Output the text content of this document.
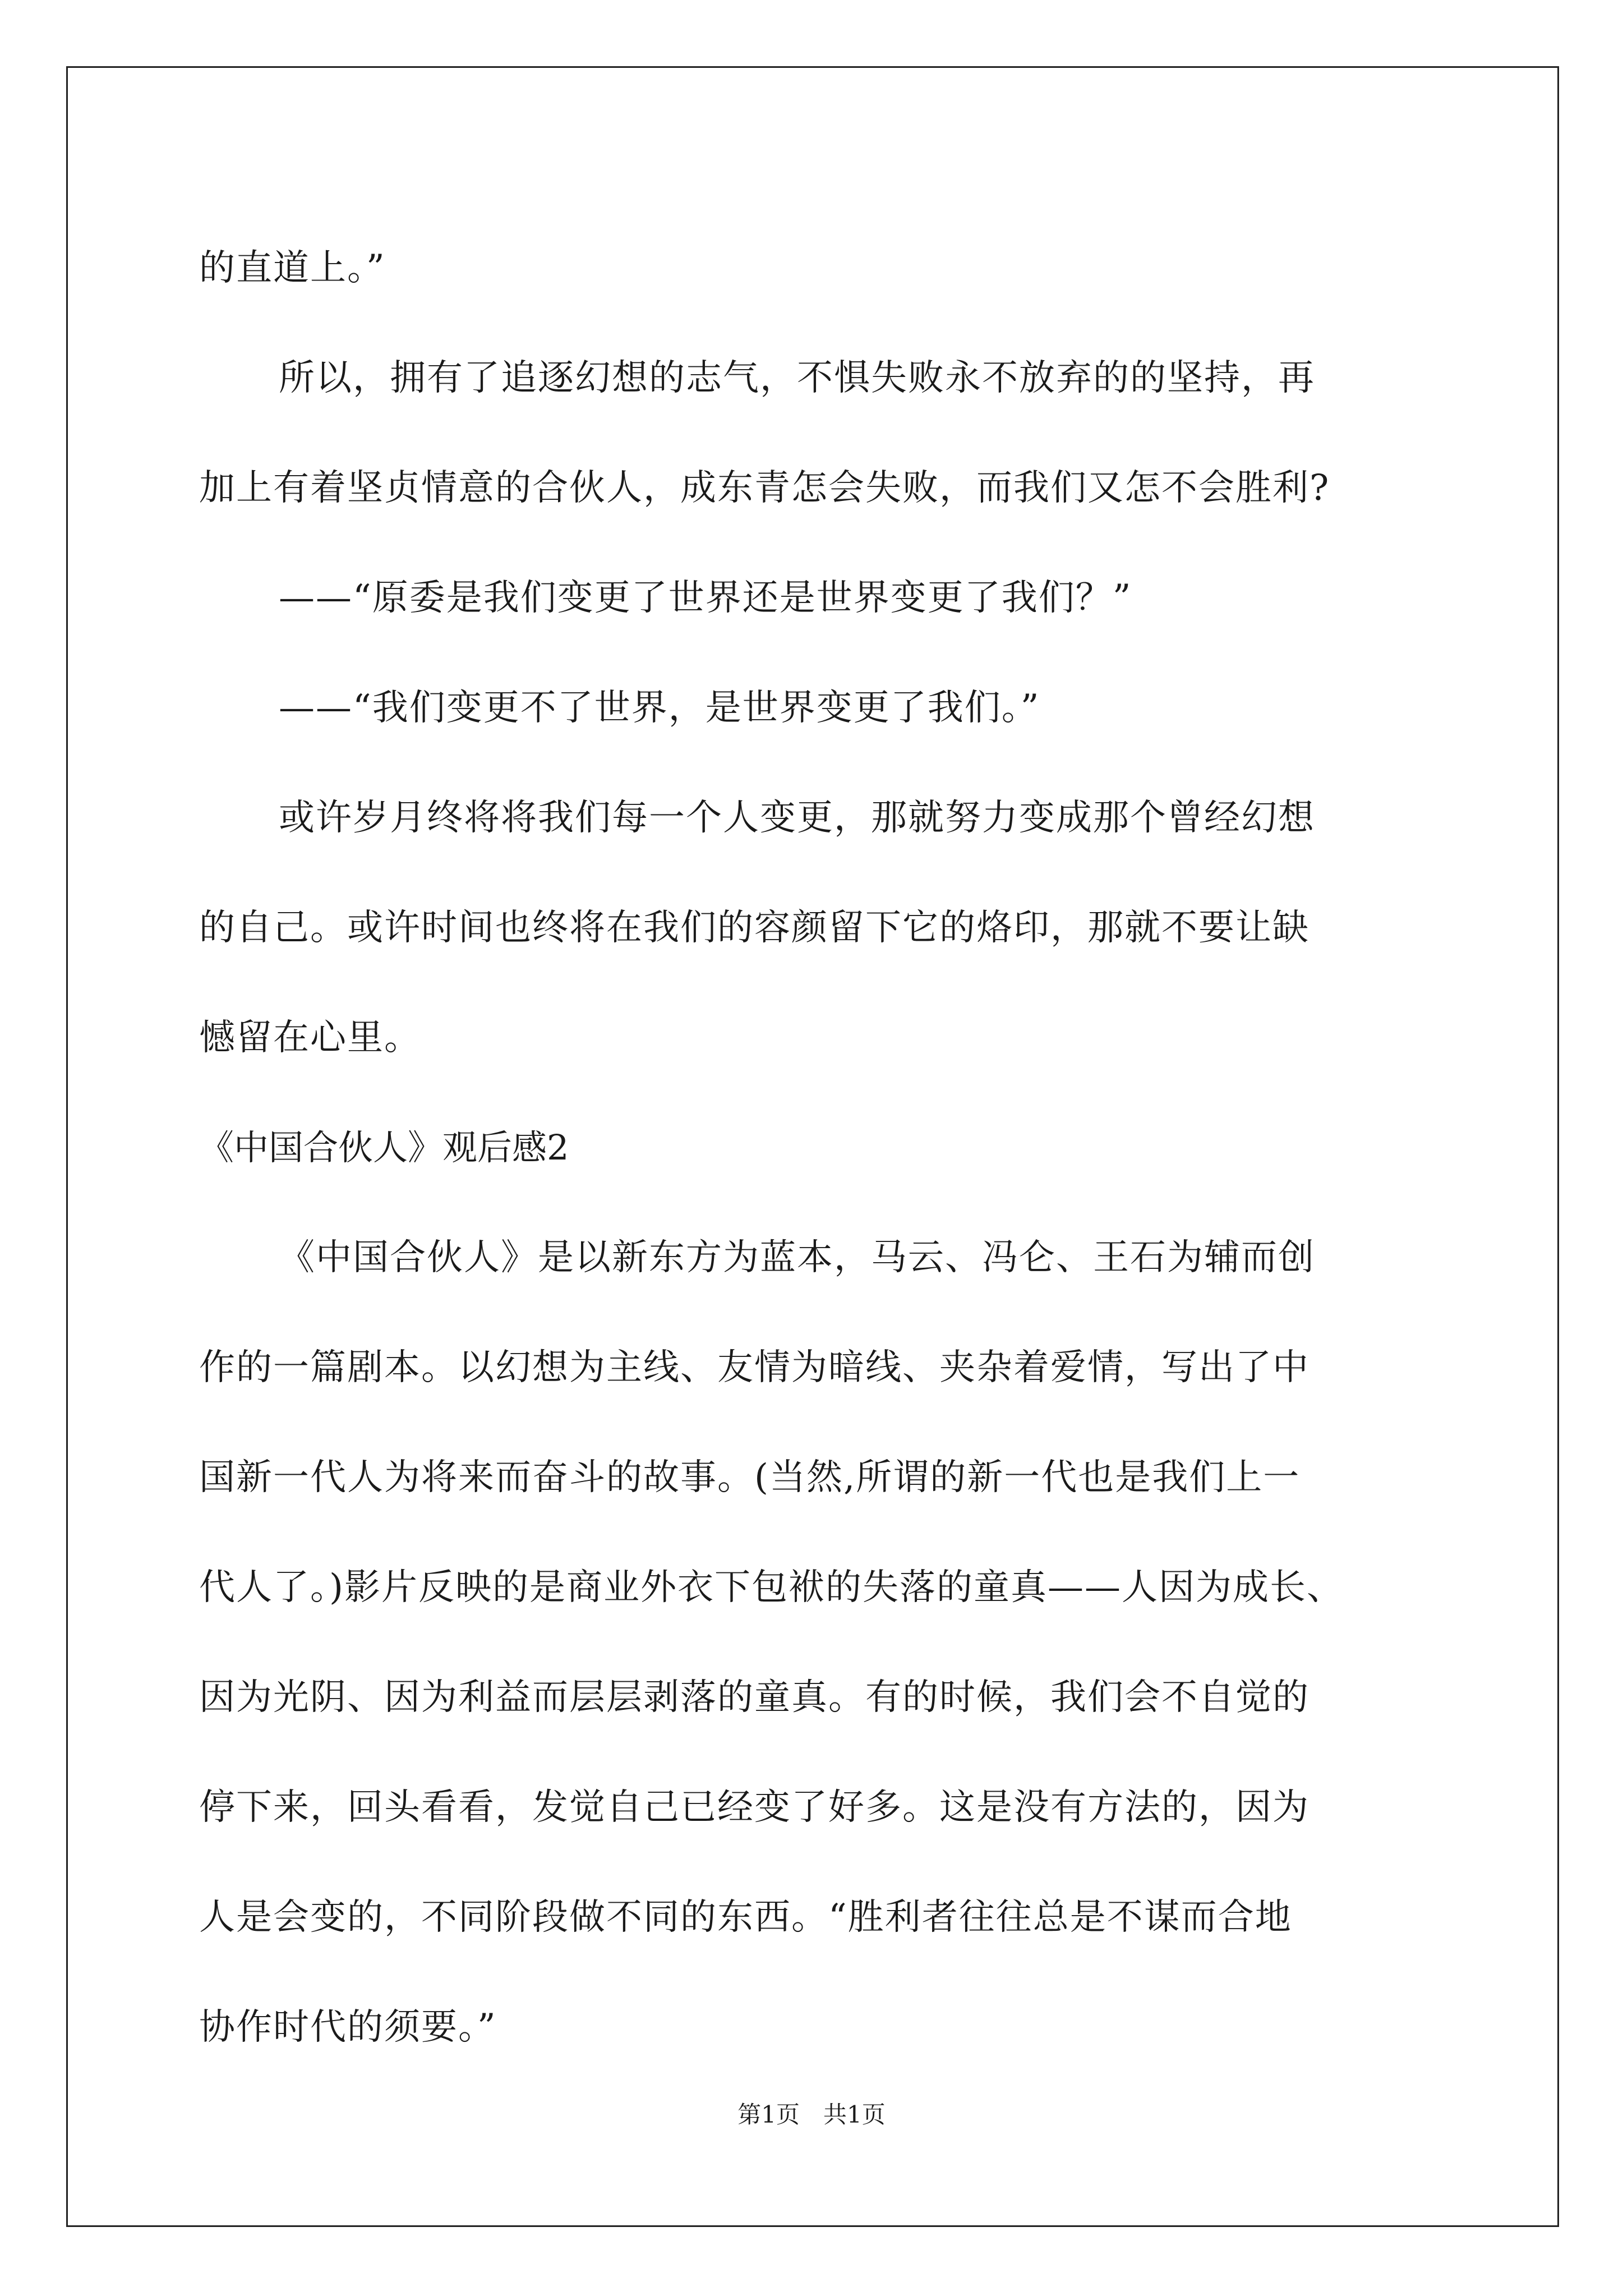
的直道上。”
所以，拥有了追逐幻想的志气，不惧失败永不放弃的的坚持，再
加上有着坚贞情意的合伙人，成东青怎会失败，而我们又怎不会胜利?
——“原委是我们变更了世界还是世界变更了我们？”
——“我们变更不了世界，是世界变更了我们。”
或许岁月终将将我们每一个人变更，那就努力变成那个曾经幻想
的自己。或许时间也终将在我们的容颜留下它的烙印，那就不要让缺
憾留在心里。
《中国合伙人》观后感2
《中国合伙人》是以新东方为蓝本，马云、冯仑、王石为辅而创
作的一篇剧本。以幻想为主线、友情为暗线、夹杂着爱情，写出了中
国新一代人为将来而奋斗的故事。(当然,所谓的新一代也是我们上一
代人了。)影片反映的是商业外衣下包袱的失落的童真——人因为成长、
因为光阴、因为利益而层层剥落的童真。有的时候，我们会不自觉的
停下来，回头看看，发觉自己已经变了好多。这是没有方法的，因为
人是会变的，不同阶段做不同的东西。“胜利者往往总是不谋而合地
协作时代的须要。”
第1页　共1页
